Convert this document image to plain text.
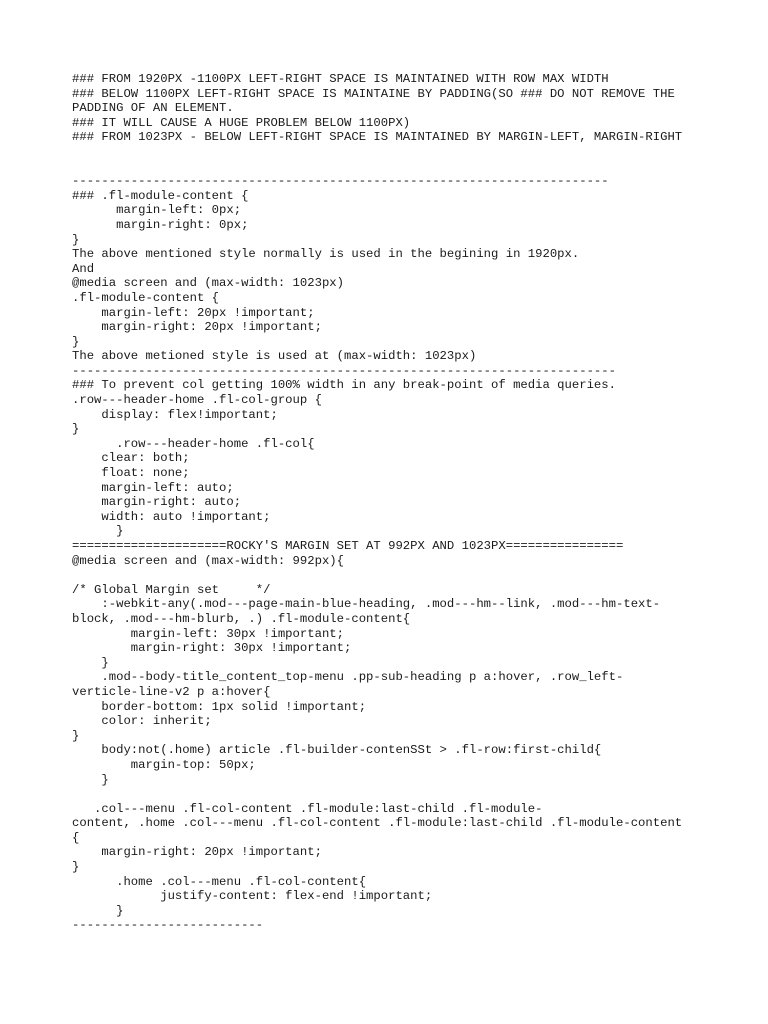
### FROM 1920PX -1100PX LEFT-RIGHT SPACE IS MAINTAINED WITH ROW MAX WIDTH
### BELOW 1100PX LEFT-RIGHT SPACE IS MAINTAINE BY PADDING(SO ### DO NOT REMOVE THE
PADDING OF AN ELEMENT.
### IT WILL CAUSE A HUGE PROBLEM BELOW 1100PX)
### FROM 1023PX - BELOW LEFT-RIGHT SPACE IS MAINTAINED BY MARGIN-LEFT, MARGIN-RIGHT
-------------------------------------------------------------------------
### .fl-module-content {
margin-left: 0px;
margin-right: 0px;
}
The above mentioned style normally is used in the begining in 1920px.
And
@media screen and (max-width: 1023px)
.fl-module-content {
margin-left: 20px !important;
margin-right: 20px !important;
}
The above metioned style is used at (max-width: 1023px)
--------------------------------------------------------------------------
### To prevent col getting 100% width in any break-point of media queries.
.row---header-home .fl-col-group {
display: flex!important;
}
.row---header-home .fl-col{
clear: both;
float: none;
margin-left: auto;
margin-right: auto;
width: auto !important;
}
=====================ROCKY'S MARGIN SET AT 992PX AND 1023PX================
@media screen and (max-width: 992px){
/* Global Margin set     */
:-webkit-any(.mod---page-main-blue-heading, .mod---hm--link, .mod---hm-text-
block, .mod---hm-blurb, .) .fl-module-content{
margin-left: 30px !important;
margin-right: 30px !important;
}
.mod--body-title_content_top-menu .pp-sub-heading p a:hover, .row_left-
verticle-line-v2 p a:hover{
border-bottom: 1px solid !important;
color: inherit;
}
body:not(.home) article .fl-builder-contenSSt > .fl-row:first-child{
margin-top: 50px;
}
.col---menu .fl-col-content .fl-module:last-child .fl-module-
content, .home .col---menu .fl-col-content .fl-module:last-child .fl-module-content
{
margin-right: 20px !important;
}
.home .col---menu .fl-col-content{
justify-content: flex-end !important;
}
--------------------------
